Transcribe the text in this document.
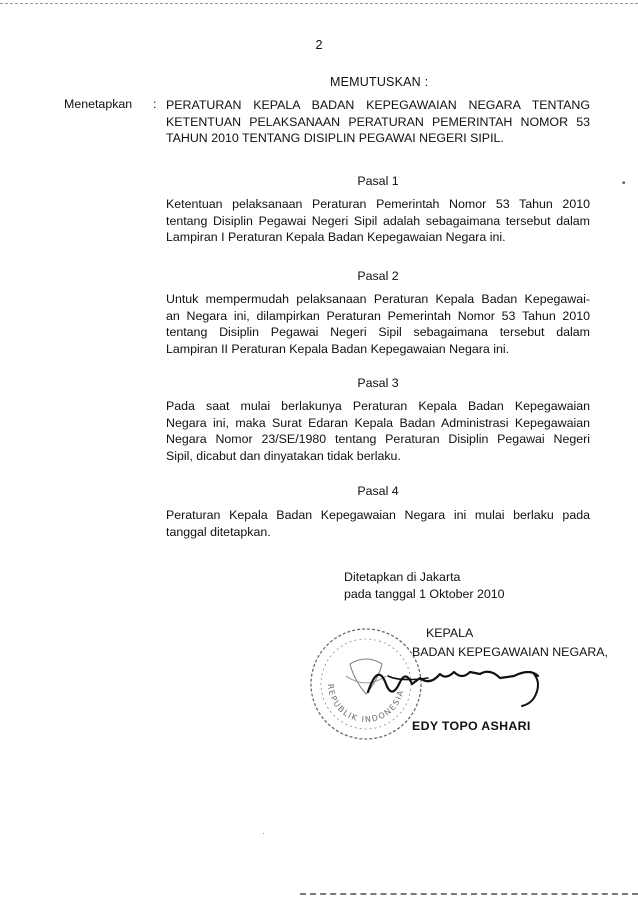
2
MEMUTUSKAN :
Menetapkan : PERATURAN KEPALA BADAN KEPEGAWAIAN NEGARA TENTANG
KETENTUAN PELAKSANAAN PERATURAN PEMERINTAH NOMOR 53
TAHUN 2010 TENTANG DISIPLIN PEGAWAI NEGERI SIPIL.
Pasal 1
Ketentuan pelaksanaan Peraturan Pemerintah Nomor 53 Tahun 2010
tentang Disiplin Pegawai Negeri Sipil adalah sebagaimana tersebut dalam
Lampiran I Peraturan Kepala Badan Kepegawaian Negara ini.
Pasal 2
Untuk mempermudah pelaksanaan Peraturan Kepala Badan Kepegawai-
an Negara ini, dilampirkan Peraturan Pemerintah Nomor 53 Tahun 2010
tentang Disiplin Pegawai Negeri Sipil sebagaimana tersebut dalam
Lampiran II Peraturan Kepala Badan Kepegawaian Negara ini.
Pasal 3
Pada saat mulai berlakunya Peraturan Kepala Badan Kepegawaian
Negara ini, maka Surat Edaran Kepala Badan Administrasi Kepegawaian
Negara Nomor 23/SE/1980 tentang Peraturan Disiplin Pegawai Negeri
Sipil, dicabut dan dinyatakan tidak berlaku.
Pasal 4
Peraturan Kepala Badan Kepegawaian Negara ini mulai berlaku pada
tanggal ditetapkan.
Ditetapkan di Jakarta
pada tanggal 1 Oktober 2010
REPUBLIK INDONESIA
KEPALA
BADAN KEPEGAWAIAN NEGARA,
EDY TOPO ASHARI
•
·
